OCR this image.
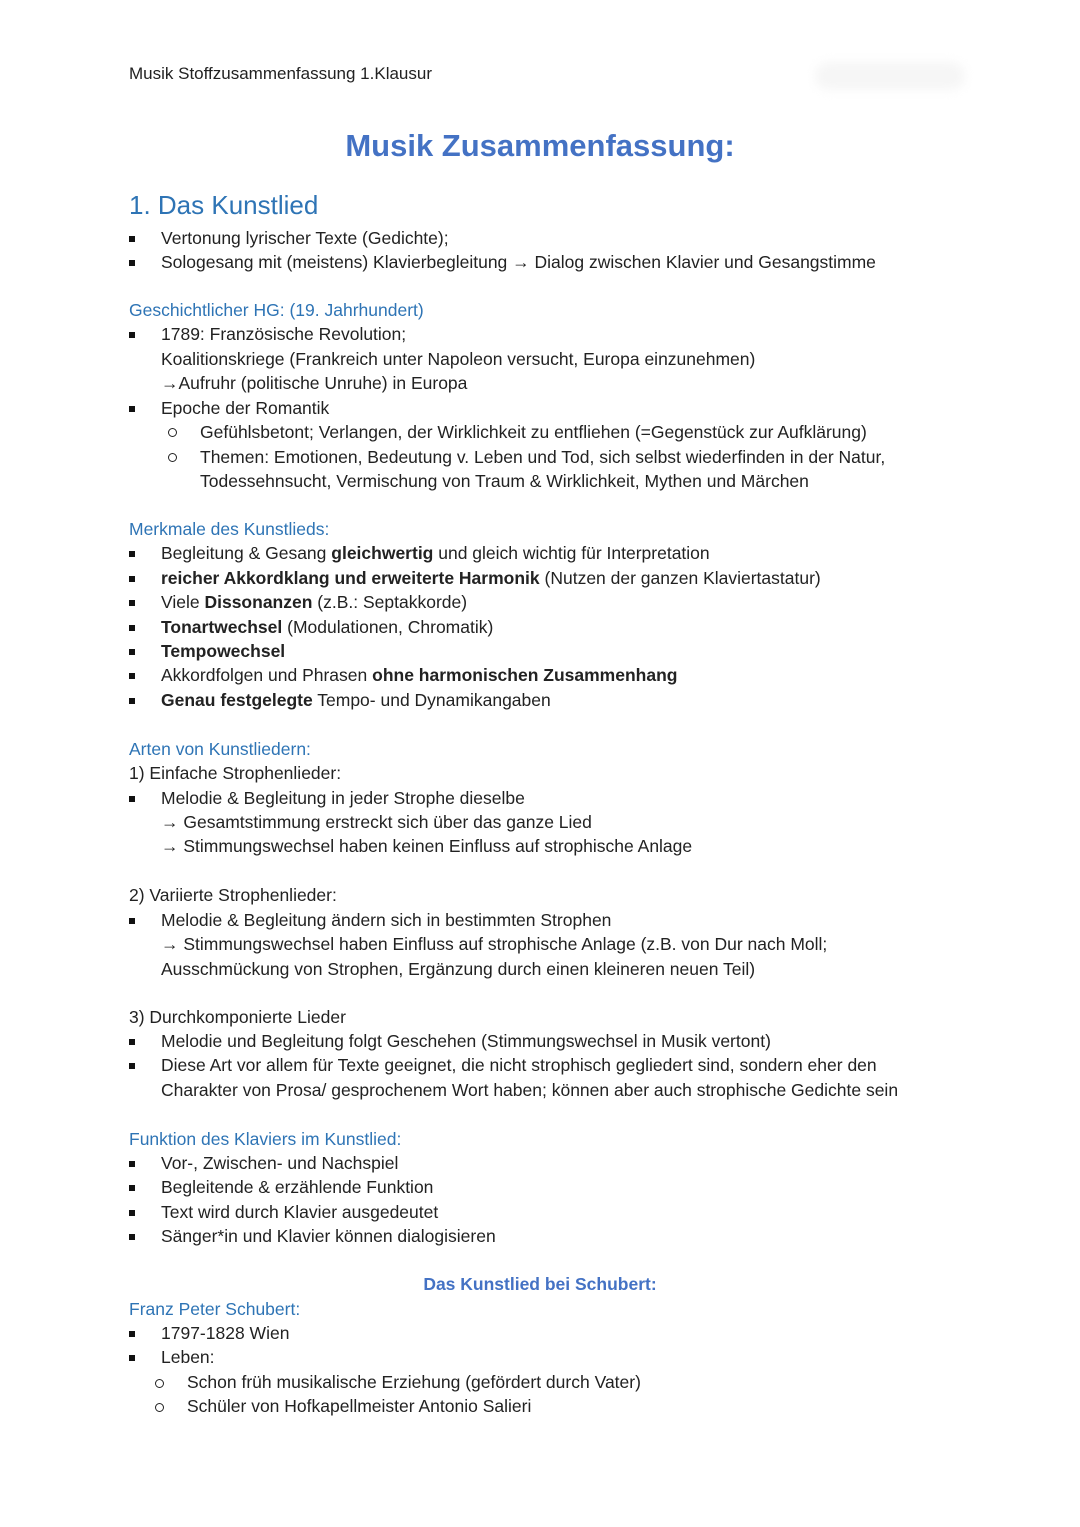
Musik Stoffzusammenfassung 1.Klausur
Musik Zusammenfassung:
1. Das Kunstlied
Vertonung lyrischer Texte (Gedichte);
Sologesang mit (meistens) Klavierbegleitung → Dialog zwischen Klavier und Gesangstimme
Geschichtlicher HG: (19. Jahrhundert)
1789: Französische Revolution;
Koalitionskriege (Frankreich unter Napoleon versucht, Europa einzunehmen)
→Aufruhr (politische Unruhe) in Europa
Epoche der Romantik
Gefühlsbetont; Verlangen, der Wirklichkeit zu entfliehen (=Gegenstück zur Aufklärung)
Themen: Emotionen, Bedeutung v. Leben und Tod, sich selbst wiederfinden in der Natur,
Todessehnsucht, Vermischung von Traum & Wirklichkeit, Mythen und Märchen
Merkmale des Kunstlieds:
Begleitung & Gesang gleichwertig und gleich wichtig für Interpretation
reicher Akkordklang und erweiterte Harmonik (Nutzen der ganzen Klaviertastatur)
Viele Dissonanzen (z.B.: Septakkorde)
Tonartwechsel (Modulationen, Chromatik)
Tempowechsel
Akkordfolgen und Phrasen ohne harmonischen Zusammenhang
Genau festgelegte Tempo- und Dynamikangaben
Arten von Kunstliedern:
1) Einfache Strophenlieder:
Melodie & Begleitung in jeder Strophe dieselbe
→ Gesamtstimmung erstreckt sich über das ganze Lied
→ Stimmungswechsel haben keinen Einfluss auf strophische Anlage
2) Variierte Strophenlieder:
Melodie & Begleitung ändern sich in bestimmten Strophen
→ Stimmungswechsel haben Einfluss auf strophische Anlage (z.B. von Dur nach Moll;
Ausschmückung von Strophen, Ergänzung durch einen kleineren neuen Teil)
3) Durchkomponierte Lieder
Melodie und Begleitung folgt Geschehen (Stimmungswechsel in Musik vertont)
Diese Art vor allem für Texte geeignet, die nicht strophisch gegliedert sind, sondern eher den
Charakter von Prosa/ gesprochenem Wort haben; können aber auch strophische Gedichte sein
Funktion des Klaviers im Kunstlied:
Vor-, Zwischen- und Nachspiel
Begleitende & erzählende Funktion
Text wird durch Klavier ausgedeutet
Sänger*in und Klavier können dialogisieren
Das Kunstlied bei Schubert:
Franz Peter Schubert:
1797-1828 Wien
Leben:
Schon früh musikalische Erziehung (gefördert durch Vater)
Schüler von Hofkapellmeister Antonio Salieri
